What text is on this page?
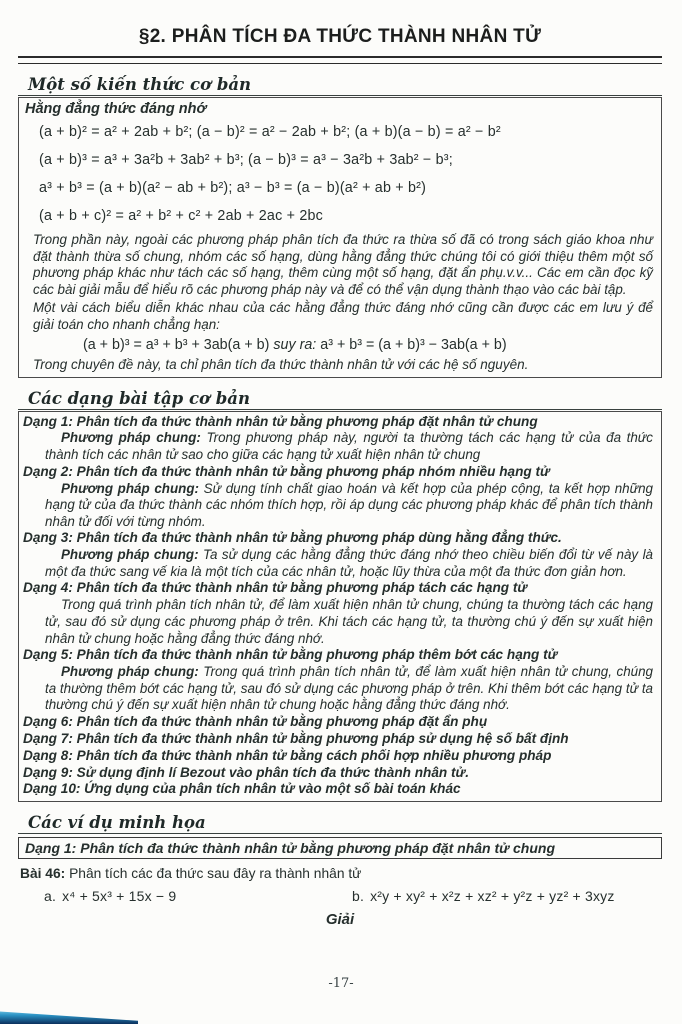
§2. PHÂN TÍCH ĐA THỨC THÀNH NHÂN TỬ
Một số kiến thức cơ bản
Hằng đẳng thức đáng nhớ
(a + b)² = a² + 2ab + b²; (a − b)² = a² − 2ab + b²; (a + b)(a − b) = a² − b²
(a + b)³ = a³ + 3a²b + 3ab² + b³; (a − b)³ = a³ − 3a²b + 3ab² − b³;
a³ + b³ = (a + b)(a² − ab + b²); a³ − b³ = (a − b)(a² + ab + b²)
(a + b + c)² = a² + b² + c² + 2ab + 2ac + 2bc

Trong phần này, ngoài các phương pháp phân tích đa thức ra thừa số đã có trong sách giáo khoa như đặt thành thừa số chung, nhóm các số hạng, dùng hằng đẳng thức chúng tôi có giới thiệu thêm một số phương pháp khác như tách các số hạng, thêm cùng một số hạng, đặt ẩn phụ.v.v... Các em cần đọc kỹ các bài giải mẫu để hiểu rõ các phương pháp này và để có thể vận dụng thành thạo vào các bài tập.

Một vài cách biểu diễn khác nhau của các hằng đẳng thức đáng nhớ cũng cần được các em lưu ý để giải toán cho nhanh chẳng hạn:

(a + b)³ = a³ + b³ + 3ab(a + b) suy ra: a³ + b³ = (a + b)³ − 3ab(a + b)
Trong chuyên đề này, ta chỉ phân tích đa thức thành nhân tử với các hệ số nguyên.
Các dạng bài tập cơ bản
Dạng 1: Phân tích đa thức thành nhân tử bằng phương pháp đặt nhân tử chung

Phương pháp chung: Trong phương pháp này, người ta thường tách các hạng tử của đa thức thành tích các nhân tử sao cho giữa các hạng tử xuất hiện nhân tử chung

Dạng 2: Phân tích đa thức thành nhân tử bằng phương pháp nhóm nhiều hạng tử

Phương pháp chung: Sử dụng tính chất giao hoán và kết hợp của phép cộng, ta kết hợp những hạng tử của đa thức thành các nhóm thích hợp, rồi áp dụng các phương pháp khác để phân tích thành nhân tử đối với từng nhóm.

Dạng 3: Phân tích đa thức thành nhân tử bằng phương pháp dùng hằng đẳng thức.

Phương pháp chung: Ta sử dụng các hằng đẳng thức đáng nhớ theo chiều biến đổi từ vế này là một đa thức sang vế kia là một tích của các nhân tử, hoặc lũy thừa của một đa thức đơn giản hơn.

Dạng 4: Phân tích đa thức thành nhân tử bằng phương pháp tách các hạng tử

Trong quá trình phân tích nhân tử, để làm xuất hiện nhân tử chung, chúng ta thường tách các hạng tử, sau đó sử dụng các phương pháp ở trên. Khi tách các hạng tử, ta thường chú ý đến sự xuất hiện nhân tử chung hoặc hằng đẳng thức đáng nhớ.

Dạng 5: Phân tích đa thức thành nhân tử bằng phương pháp thêm bớt các hạng tử

Phương pháp chung: Trong quá trình phân tích nhân tử, để làm xuất hiện nhân tử chung, chúng ta thường thêm bớt các hạng tử, sau đó sử dụng các phương pháp ở trên. Khi thêm bớt các hạng tử ta thường chú ý đến sự xuất hiện nhân tử chung hoặc hằng đẳng thức đáng nhớ.

Dạng 6: Phân tích đa thức thành nhân tử bằng phương pháp đặt ẩn phụ
Dạng 7: Phân tích đa thức thành nhân tử bằng phương pháp sử dụng hệ số bất định
Dạng 8: Phân tích đa thức thành nhân tử bằng cách phối hợp nhiều phương pháp
Dạng 9: Sử dụng định lí Bezout vào phân tích đa thức thành nhân tử.
Dạng 10: Ứng dụng của phân tích nhân tử vào một số bài toán khác
Các ví dụ minh họa
Dạng 1: Phân tích đa thức thành nhân tử bằng phương pháp đặt nhân tử chung
Bài 46: Phân tích các đa thức sau đây ra thành nhân tử
a. x⁴ + 5x³ + 15x − 9	b. x²y + xy² + x²z + xz² + y²z + yz² + 3xyz
Giải
-17-
